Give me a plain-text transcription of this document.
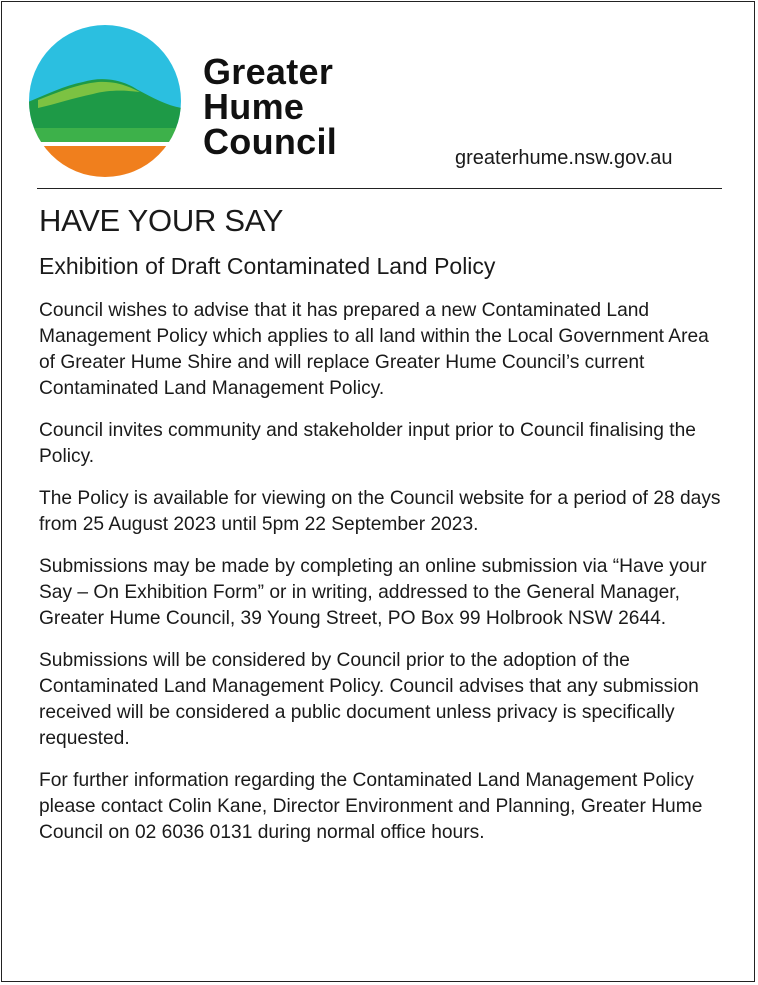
Greater
Hume
Council	greaterhume.nsw.gov.au
HAVE YOUR SAY
Exhibition of Draft Contaminated Land Policy

Council wishes to advise that it has prepared a new Contaminated Land Management Policy which applies to all land within the Local Government Area of Greater Hume Shire and will replace Greater Hume Council’s current Contaminated Land Management Policy.

Council invites community and stakeholder input prior to Council finalising the Policy.

The Policy is available for viewing on the Council website for a period of 28 days from 25 August 2023 until 5pm 22 September 2023.

Submissions may be made by completing an online submission via “Have your Say – On Exhibition Form” or in writing, addressed to the General Manager, Greater Hume Council, 39 Young Street, PO Box 99 Holbrook NSW 2644.

Submissions will be considered by Council prior to the adoption of the Contaminated Land Management Policy. Council advises that any submission received will be considered a public document unless privacy is specifically requested.

For further information regarding the Contaminated Land Management Policy please contact Colin Kane, Director Environment and Planning, Greater Hume Council on 02 6036 0131 during normal office hours.
